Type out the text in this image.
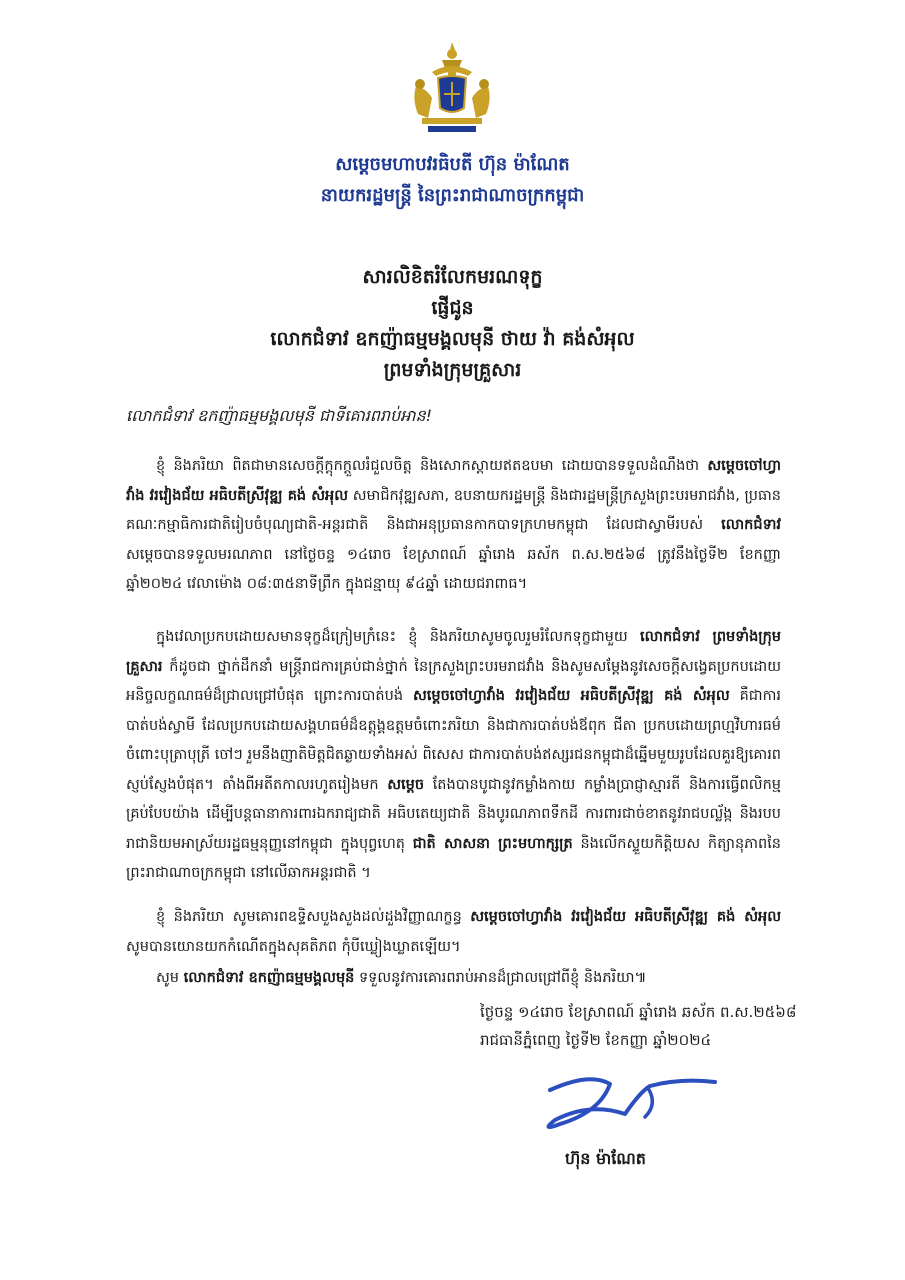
សម្ដេចមហាបវរធិបតី ហ៊ុន ម៉ាណែត
នាយករដ្ឋមន្ត្រី នៃព្រះរាជាណាចក្រកម្ពុជា
សារលិខិតរំលែកមរណទុក្ខ
ផ្ញើជូន
លោកជំទាវ ឧកញ៉ាធម្មមង្គលមុនី ថាយ វ៉ា គង់សំអុល
ព្រមទាំងក្រុមគ្រួសារ
លោកជំទាវ ឧកញ៉ាធម្មមង្គលមុនី ជាទីគោរពរាប់អាន!
ខ្ញុំ និងភរិយា ពិតជាមានសេចក្ដីក្ដុកក្ដួលរំជួលចិត្ត និងសោកស្ដាយឥតឧបមា ដោយបានទទួលដំណឹងថា សម្ដេចចៅហ្វាវាំង វរវៀងជ័យ អធិបតីស្រីវុឌ្ឍ គង់ សំអុល សមាជិកវុឌ្ឍសភា, ឧបនាយករដ្ឋមន្ត្រី និងជារដ្ឋមន្ត្រីក្រសួងព្រះបរមរាជវាំង, ប្រធានគណៈកម្មាធិការជាតិរៀបចំបុណ្យជាតិ-អន្តរជាតិ និងជាអនុប្រធានកាកបាទក្រហមកម្ពុជា ដែលជាស្វាមីរបស់ លោកជំទាវ សម្ដេចបានទទួលមរណភាព នៅថ្ងៃចន្ទ ១៤រោច ខែស្រាពណ៍ ឆ្នាំរោង ឆស័ក ព.ស.២៥៦៨ ត្រូវនឹងថ្ងៃទី២ ខែកញ្ញា ឆ្នាំ២០២៤ វេលាម៉ោង ០៨:៣៥នាទីព្រឹក ក្នុងជន្មាយុ ៩៤ឆ្នាំ ដោយជរាពាធ។
ក្នុងវេលាប្រកបដោយសមានទុក្ខដ៏ក្រៀមក្រំនេះ ខ្ញុំ និងភរិយាសូមចូលរួមរំលែកទុក្ខជាមួយ លោកជំទាវ ព្រមទាំងក្រុមគ្រួសារ ក៏ដូចជា ថ្នាក់ដឹកនាំ មន្ត្រីរាជការគ្រប់ជាន់ថ្នាក់ នៃក្រសួងព្រះបរមរាជវាំង និងសូមសម្ដែងនូវសេចក្ដីសង្វេគប្រកបដោយអនិច្ចលក្ខណធម៌ដ៏ជ្រាលជ្រៅបំផុត ព្រោះការបាត់បង់ សម្ដេចចៅហ្វាវាំង វរវៀងជ័យ អធិបតីស្រីវុឌ្ឍ គង់ សំអុល គឺជាការបាត់បង់ស្វាមី ដែលប្រកបដោយសង្គហធម៌ដ៏ឧត្ដុង្គឧត្ដមចំពោះភរិយា និងជាការបាត់បង់ឪពុក ជីតា ប្រកបដោយព្រហ្មវិហារធម៌ចំពោះបុត្រាបុត្រី ចៅៗ រួមនឹងញាតិមិត្តជិតឆ្ងាយទាំងអស់ ពិសេស ជាការបាត់បង់ឥស្សរជនកម្ពុជាដ៏ឆ្នើមមួយរូបដែលគួរឱ្យគោរពស្ញប់ស្ញែងបំផុត។ តាំងពីអតីតកាលរហូតរៀងមក សម្ដេច តែងបានបូជានូវកម្លាំងកាយ កម្លាំងប្រាជ្ញាស្មារតី និងការធ្វើពលិកម្មគ្រប់បែបយ៉ាង ដើម្បីបន្តធានាការពារឯករាជ្យជាតិ អធិបតេយ្យជាតិ និងបូរណភាពទឹកដី ការពារជាច់ខាតនូវរាជបល្ល័ង្ក និងរបបរាជានិយមអាស្រ័យរដ្ឋធម្មនុញ្ញនៅកម្ពុជា ក្នុងបុព្វហេតុ ជាតិ សាសនា ព្រះមហាក្សត្រ និងលើកស្ទួយកិត្តិយស កិត្យានុភាពនៃព្រះរាជាណាចក្រកម្ពុជា នៅលើឆាកអន្តរជាតិ ។
ខ្ញុំ និងភរិយា សូមគោរពឧទ្ទិសបួងសួងដល់ដួងវិញ្ញាណក្ខន្ធ សម្ដេចចៅហ្វាវាំង វរវៀងជ័យ អធិបតីស្រីវុឌ្ឍ គង់ សំអុល សូមបានយោនយកកំណើតក្នុងសុគតិភព កុំបីឃ្លៀងឃ្លាតឡើយ។
សូម លោកជំទាវ ឧកញ៉ាធម្មមង្គលមុនី ទទួលនូវការគោរពរាប់អានដ៏ជ្រាលជ្រៅពីខ្ញុំ និងភរិយា៕
ថ្ងៃចន្ទ ១៤រោច ខែស្រាពណ៍ ឆ្នាំរោង ឆស័ក ព.ស.២៥៦៨
រាជធានីភ្នំពេញ ថ្ងៃទី២ ខែកញ្ញា ឆ្នាំ២០២៤
ហ៊ុន ម៉ាណែត
